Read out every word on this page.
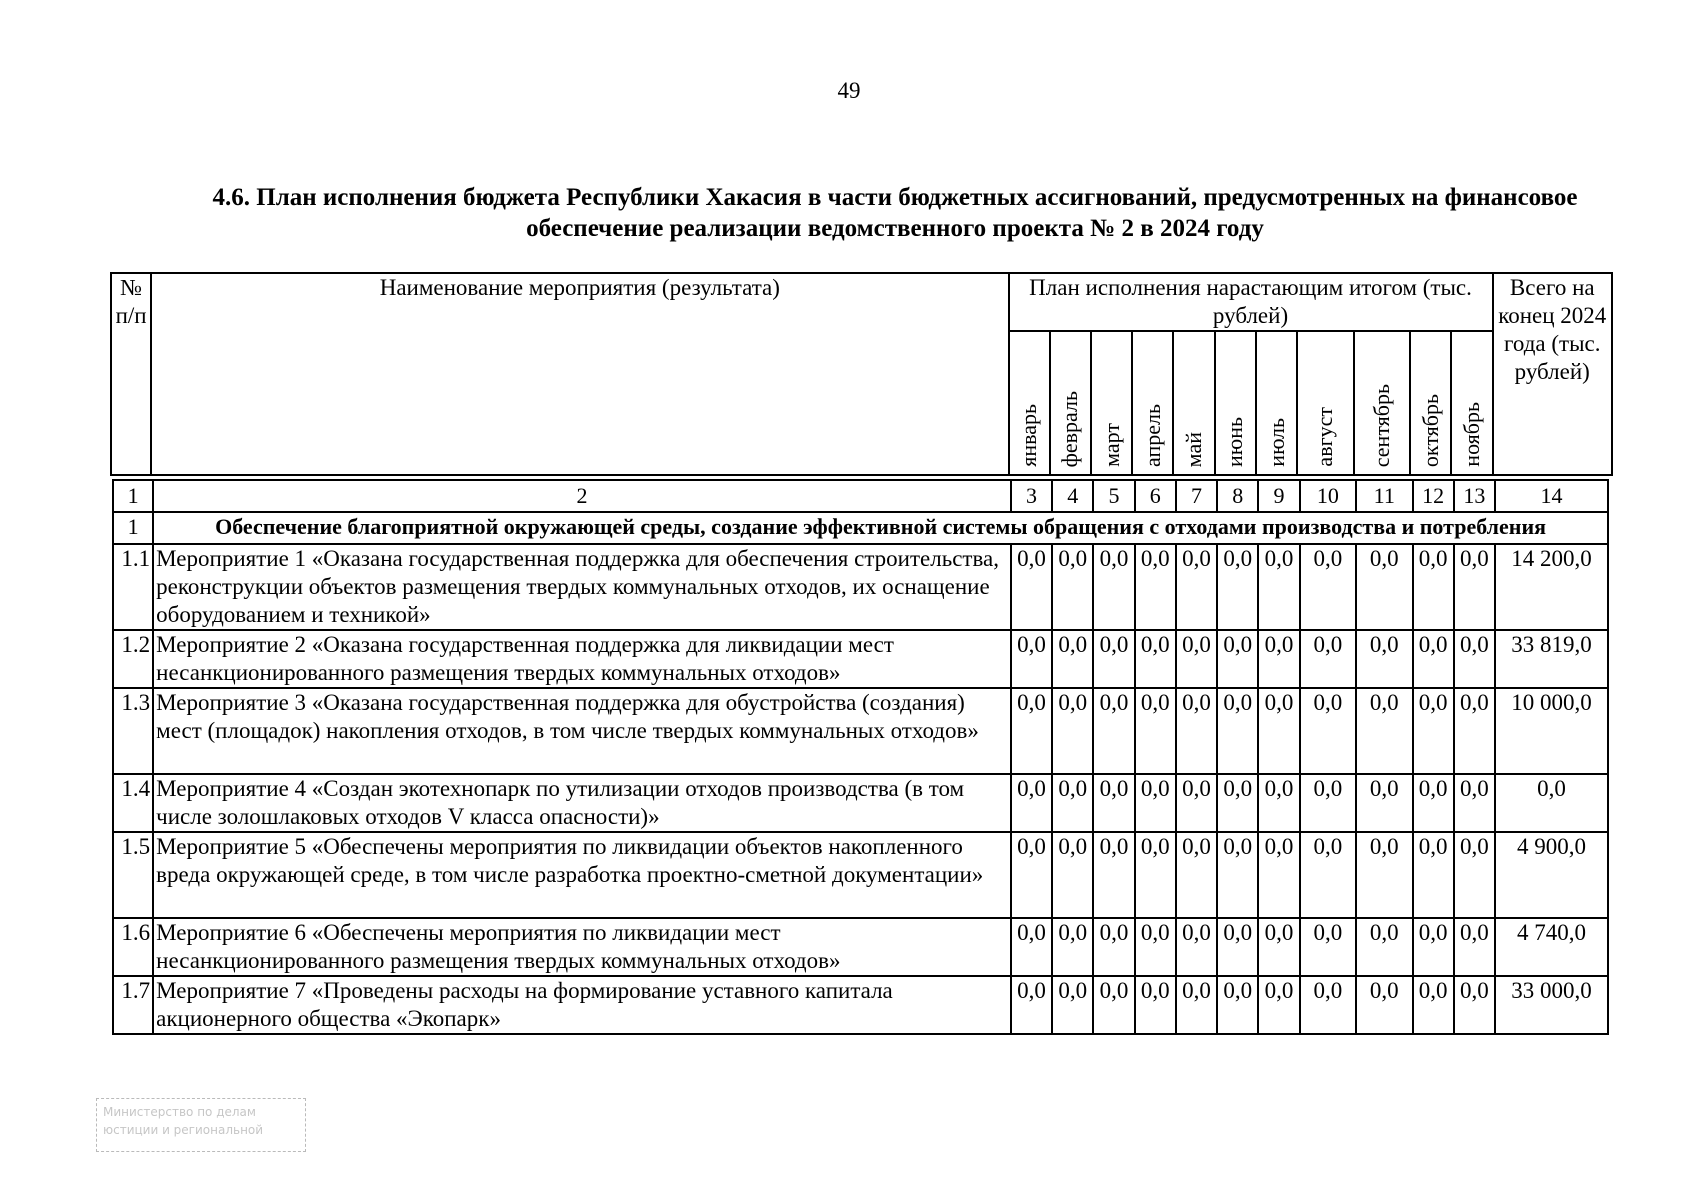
49
4.6. План исполнения бюджета Республики Хакасия в части бюджетных ассигнований, предусмотренных на финансовое
обеспечение реализации ведомственного проекта № 2 в 2024 году
№ п/п	Наименование мероприятия (результата)	План исполнения нарастающим итогом (тыс. рублей)											Всего на конец 2024 года (тыс. рублей)
		январь	февраль	март	апрель	май	июнь	июль	август	сентябрь	октябрь	ноябрь	
1	2	3	4	5	6	7	8	9	10	11	12	13	14
1	Обеспечение благоприятной окружающей среды, создание эффективной системы обращения с отходами производства и потребления												
1.1	Мероприятие 1 «Оказана государственная поддержка для обеспечения строительства, реконструкции объектов размещения твердых коммунальных отходов, их оснащение оборудованием и техникой»	0,0	0,0	0,0	0,0	0,0	0,0	0,0	0,0	0,0	0,0	0,0	14 200,0
1.2	Мероприятие 2 «Оказана государственная поддержка для ликвидации мест несанкционированного размещения твердых коммунальных отходов»	0,0	0,0	0,0	0,0	0,0	0,0	0,0	0,0	0,0	0,0	0,0	33 819,0
1.3	Мероприятие 3 «Оказана государственная поддержка для обустройства (создания) мест (площадок) накопления отходов, в том числе твердых коммунальных отходов»	0,0	0,0	0,0	0,0	0,0	0,0	0,0	0,0	0,0	0,0	0,0	10 000,0
1.4	Мероприятие 4 «Создан экотехнопарк по утилизации отходов производства (в том числе золошлаковых отходов V класса опасности)»	0,0	0,0	0,0	0,0	0,0	0,0	0,0	0,0	0,0	0,0	0,0	0,0
1.5	Мероприятие 5 «Обеспечены мероприятия по ликвидации объектов накопленного вреда окружающей среде, в том числе разработка проектно-сметной документации»	0,0	0,0	0,0	0,0	0,0	0,0	0,0	0,0	0,0	0,0	0,0	4 900,0
1.6	Мероприятие 6 «Обеспечены мероприятия по ликвидации мест несанкционированного размещения твердых коммунальных отходов»	0,0	0,0	0,0	0,0	0,0	0,0	0,0	0,0	0,0	0,0	0,0	4 740,0
1.7	Мероприятие 7 «Проведены расходы на формирование уставного капитала акционерного общества «Экопарк»	0,0	0,0	0,0	0,0	0,0	0,0	0,0	0,0	0,0	0,0	0,0	33 000,0
Министерство по делам
юстиции и региональной
